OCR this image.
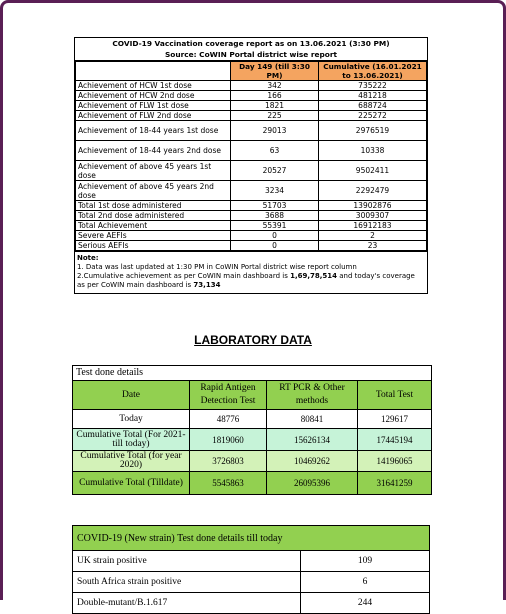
COVID-19 Vaccination coverage report as on 13.06.2021 (3:30 PM)
Source: CoWIN Portal district wise report
	Day 149 (till 3:30 PM)	Cumulative (16.01.2021 to 13.06.2021)
Achievement of HCW 1st dose	342	735222
Achievement of HCW 2nd dose	166	481218
Achievement of FLW 1st dose	1821	688724
Achievement of FLW 2nd dose	225	225272
Achievement of 18-44 years 1st dose	29013	2976519
Achievement of 18-44 years 2nd dose	63	10338
Achievement of above 45 years 1st dose	20527	9502411
Achievement of above 45 years 2nd dose	3234	2292479
Total 1st dose administered	51703	13902876
Total 2nd dose administered	3688	3009307
Total Achievement	55391	16912183
Severe AEFIs	0	2
Serious AEFIs	0	23
Note:
1. Data was last updated at 1:30 PM in CoWIN Portal district wise report column
2.Cumulative achievement as per CoWIN main dashboard is 1,69,78,514 and today's coverage as per CoWIN main dashboard is 73,134
LABORATORY DATA
Test done details
Date	Rapid Antigen Detection Test	RT PCR & Other methods	Total Test
Today	48776	80841	129617
Cumulative Total (For 2021- till today)	1819060	15626134	17445194
Cumulative Total (for year 2020)	3726803	10469262	14196065
Cumulative Total (Tilldate)	5545863	26095396	31641259
COVID-19 (New strain) Test done details till today	
UK strain positive	109
South Africa strain positive	6
Double-mutant/B.1.617	244
